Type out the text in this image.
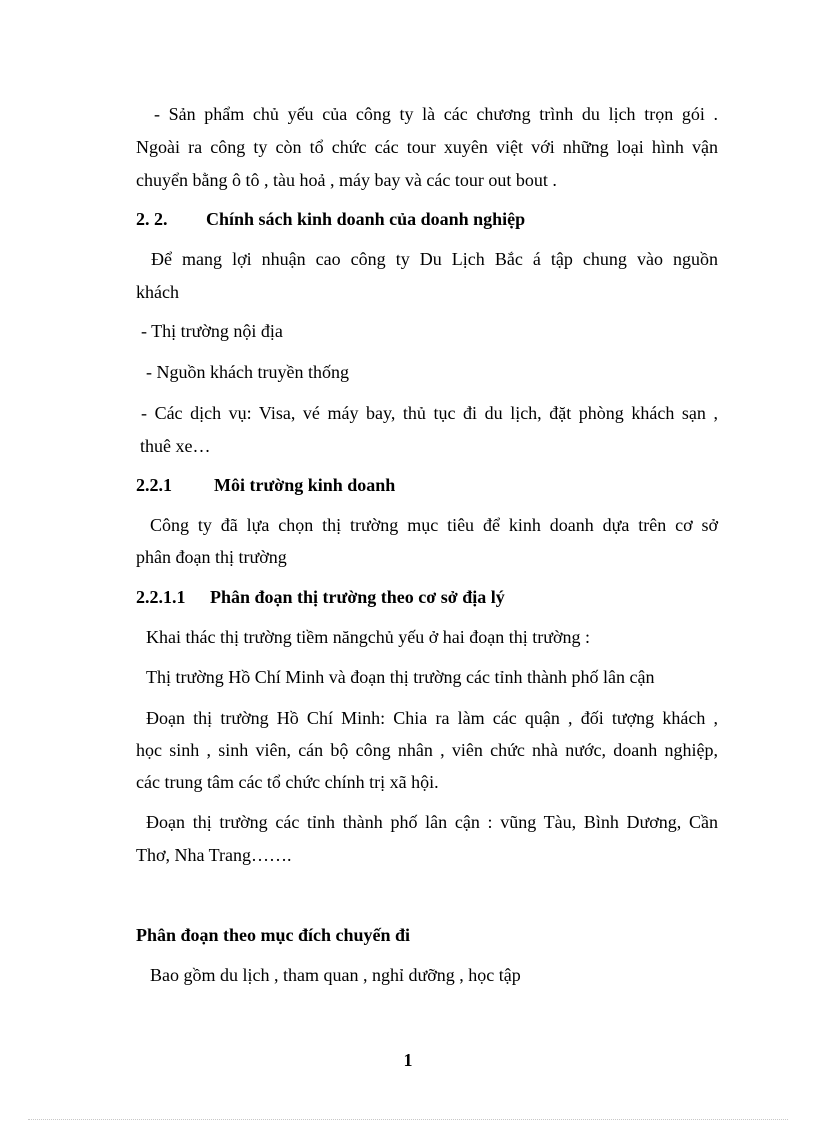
- Sản phẩm chủ yếu của công ty là các chương trình du lịch trọn gói .
Ngoài ra công ty còn tổ chức các tour xuyên việt với những loại hình vận
chuyển bằng ô tô , tàu hoả , máy bay và các tour out bout .
2. 2. Chính sách kinh doanh của doanh nghiệp
Để mang lợi nhuận cao công ty Du Lịch Bắc á tập chung vào nguồn
khách
- Thị trường nội địa
- Nguồn khách truyền thống
- Các dịch vụ: Visa, vé máy bay, thủ tục đi du lịch, đặt phòng khách sạn ,
thuê xe…
2.2.1 Môi trường kinh doanh
Công ty đã lựa chọn thị trường mục tiêu để kinh doanh dựa trên cơ sở
phân đoạn thị trường
2.2.1.1 Phân đoạn thị trường theo cơ sở địa lý
Khai thác thị trường tiềm năngchủ yếu ở hai đoạn thị trường :
Thị trường Hồ Chí Minh và đoạn thị trường các tỉnh thành phố lân cận
Đoạn thị trường Hồ Chí Minh: Chia ra làm các quận , đối tượng khách ,
học sinh , sinh viên, cán bộ công nhân , viên chức nhà nước, doanh nghiệp,
các trung tâm các tổ chức chính trị xã hội.
Đoạn thị trường các tỉnh thành phố lân cận : vũng Tàu, Bình Dương, Cần
Thơ, Nha Trang…….
Phân đoạn theo mục đích chuyến đi
Bao gồm du lịch , tham quan , nghỉ dưỡng , học tập
1
